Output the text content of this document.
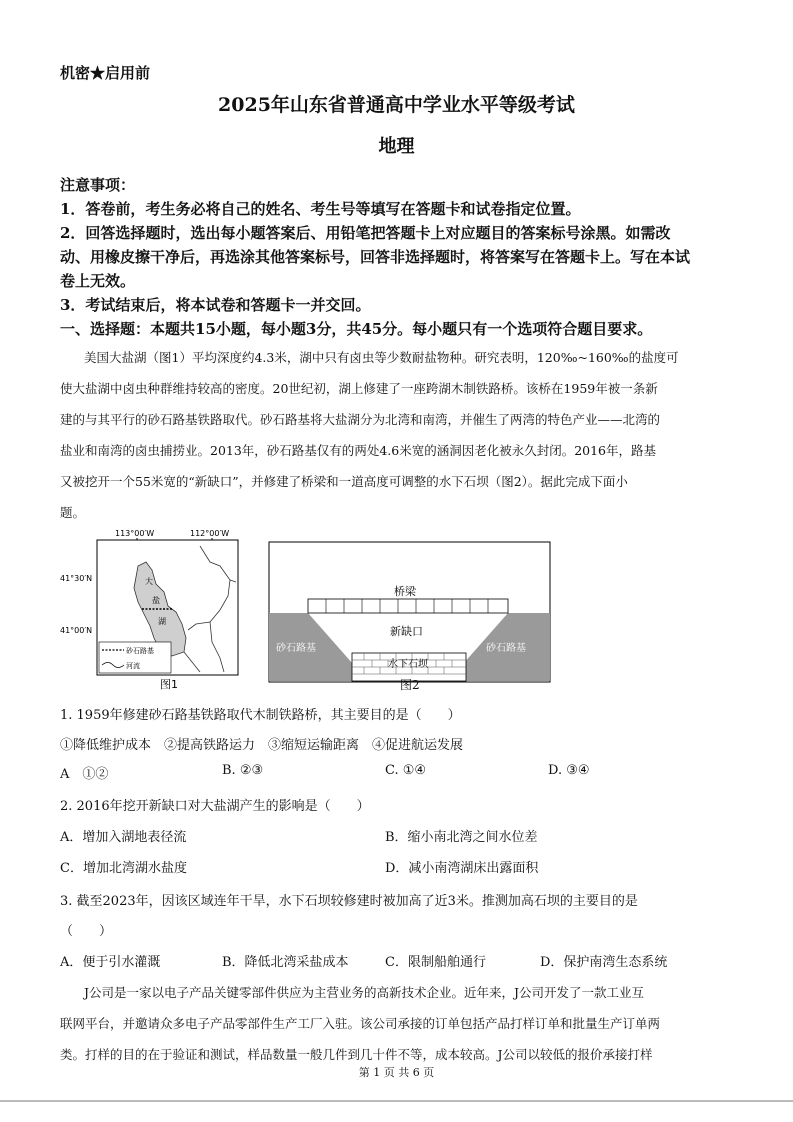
机密★启用前
2025年山东省普通高中学业水平等级考试
地理
注意事项：
1．答卷前，考生务必将自己的姓名、考生号等填写在答题卡和试卷指定位置。
2．回答选择题时，选出每小题答案后、用铅笔把答题卡上对应题目的答案标号涂黑。如需改
动、用橡皮擦干净后，再选涂其他答案标号，回答非选择题时，将答案写在答题卡上。写在本试
卷上无效。
3．考试结束后，将本试卷和答题卡一并交回。
一、选择题：本题共15小题，每小题3分，共45分。每小题只有一个选项符合题目要求。
美国大盐湖（图1）平均深度约4.3米，湖中只有卤虫等少数耐盐物种。研究表明，120‰~160‰的盐度可
使大盐湖中卤虫种群维持较高的密度。20世纪初，湖上修建了一座跨湖木制铁路桥。该桥在1959年被一条新
建的与其平行的砂石路基铁路取代。砂石路基将大盐湖分为北湾和南湾，并催生了两湾的特色产业——北湾的
盐业和南湾的卤虫捕捞业。2013年，砂石路基仅有的两处4.6米宽的涵洞因老化被永久封闭。2016年，路基
又被挖开一个55米宽的“新缺口”，并修建了桥梁和一道高度可调整的水下石坝（图2）。据此完成下面小
题。
113°00′W	112°00′W
41°30′N
41°00′N
大
盐
湖
砂石路基
河流
图1
桥梁
新缺口
砂石路基	砂石路基
水下石坝
图2
1. 1959年修建砂石路基铁路取代木制铁路桥，其主要目的是（　　）
①降低维护成本　②提高铁路运力　③缩短运输距离　④促进航运发展
A　①②	B. ②③	C. ①④	D. ③④
2. 2016年挖开新缺口对大盐湖产生的影响是（　　）
A．增加入湖地表径流	B．缩小南北湾之间水位差
C．增加北湾湖水盐度	D．减小南湾湖床出露面积
3. 截至2023年，因该区域连年干旱，水下石坝较修建时被加高了近3米。推测加高石坝的主要目的是
（　　）
A．便于引水灌溉	B．降低北湾采盐成本	C．限制船舶通行	D．保护南湾生态系统
J公司是一家以电子产品关键零部件供应为主营业务的高新技术企业。近年来，J公司开发了一款工业互
联网平台，并邀请众多电子产品零部件生产工厂入驻。该公司承接的订单包括产品打样订单和批量生产订单两
类。打样的目的在于验证和测试，样品数量一般几件到几十件不等，成本较高。J公司以较低的报价承接打样
第 1 页 共 6 页
